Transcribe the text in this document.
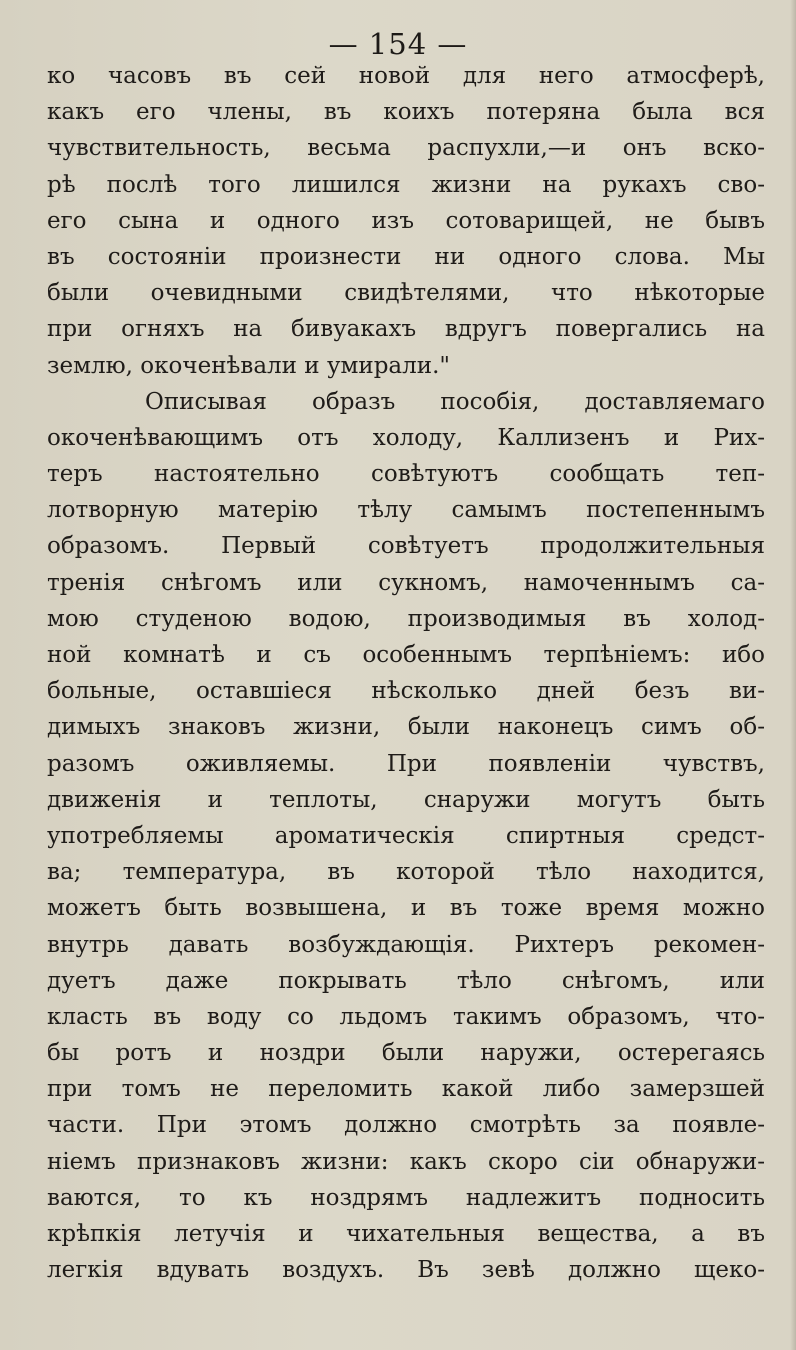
— 154 —
ко часовъ въ сей новой для него атмосферѣ,
какъ его члены, въ коихъ потеряна была вся
чувствительность, весьма распухли,—и онъ вско-
рѣ послѣ того лишился жизни на рукахъ сво-
его сына и одного изъ сотоварищей, не бывъ
въ состоянiи произнести ни одного слова. Мы
были очевидными свидѣтелями, что нѣкоторые
при огняхъ на бивуакахъ вдругъ повергались на
землю, окоченѣвали и умирали."
Описывая образъ пособiя, доставляемаго
окоченѣвающимъ отъ холоду, Каллизенъ и Рих-
теръ настоятельно совѣтуютъ сообщать теп-
лотворную матерiю тѣлу самымъ постепеннымъ
образомъ. Первый совѣтуетъ продолжительныя
тренiя снѣгомъ или сукномъ, намоченнымъ са-
мою студеною водою, производимыя въ холод-
ной комнатѣ и съ особеннымъ терпѣнiемъ: ибо
больные, оставшiеся нѣсколько дней безъ ви-
димыхъ знаковъ жизни, были наконецъ симъ об-
разомъ оживляемы. При появленiи чувствъ,
движенiя и теплоты, снаружи могутъ быть
употребляемы ароматическiя спиртныя средст-
ва; температура, въ которой тѣло находится,
можетъ быть возвышена, и въ тоже время можно
внутрь давать возбуждающiя. Рихтеръ рекомен-
дуетъ даже покрывать тѣло снѣгомъ, или
класть въ воду со льдомъ такимъ образомъ, что-
бы ротъ и ноздри были наружи, остерегаясь
при томъ не переломить какой либо замерзшей
части. При этомъ должно смотрѣть за появле-
нiемъ признаковъ жизни: какъ скоро сiи обнаружи-
ваются, то къ ноздрямъ надлежитъ подносить
крѣпкiя летучiя и чихательныя вещества, а въ
легкiя вдувать воздухъ. Въ зевѣ должно щеко-
